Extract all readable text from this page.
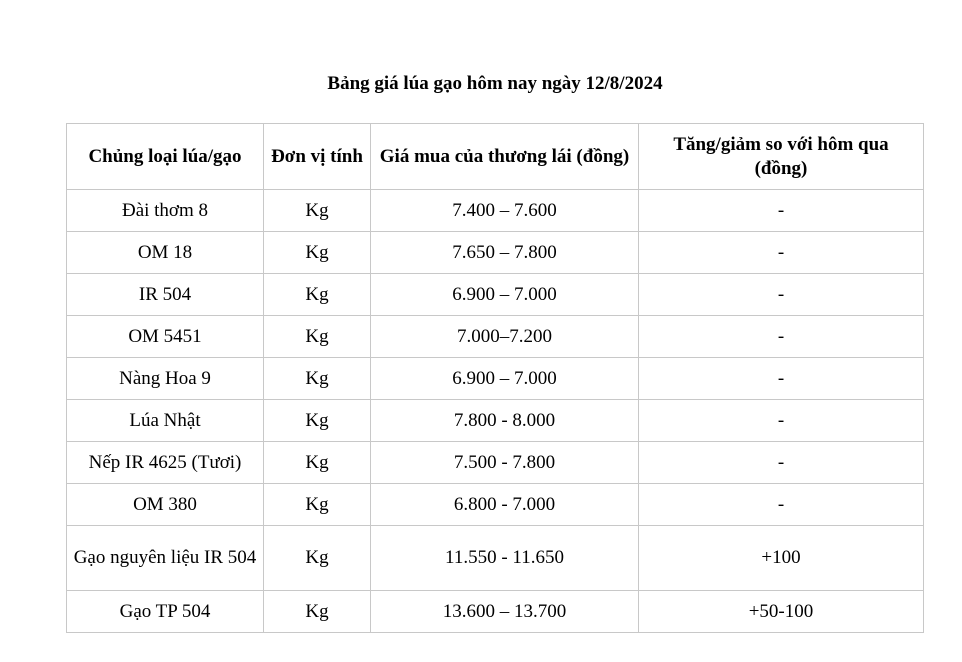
Bảng giá lúa gạo hôm nay ngày 12/8/2024
Chủng loại lúa/gạo	Đơn vị tính	Giá mua của thương lái (đồng)	Tăng/giảm so với hôm qua (đồng)
Đài thơm 8	Kg	7.400 – 7.600	-
OM 18	Kg	7.650 – 7.800	-
IR 504	Kg	6.900 – 7.000	-
OM 5451	Kg	7.000–7.200	-
Nàng Hoa 9	Kg	6.900 – 7.000	-
Lúa Nhật	Kg	7.800 - 8.000	-
Nếp IR 4625 (Tươi)	Kg	7.500 - 7.800	-
OM 380	Kg	6.800 - 7.000	-
Gạo nguyên liệu IR 504	Kg	11.550 - 11.650	+100
Gạo TP 504	Kg	13.600 – 13.700	+50-100
